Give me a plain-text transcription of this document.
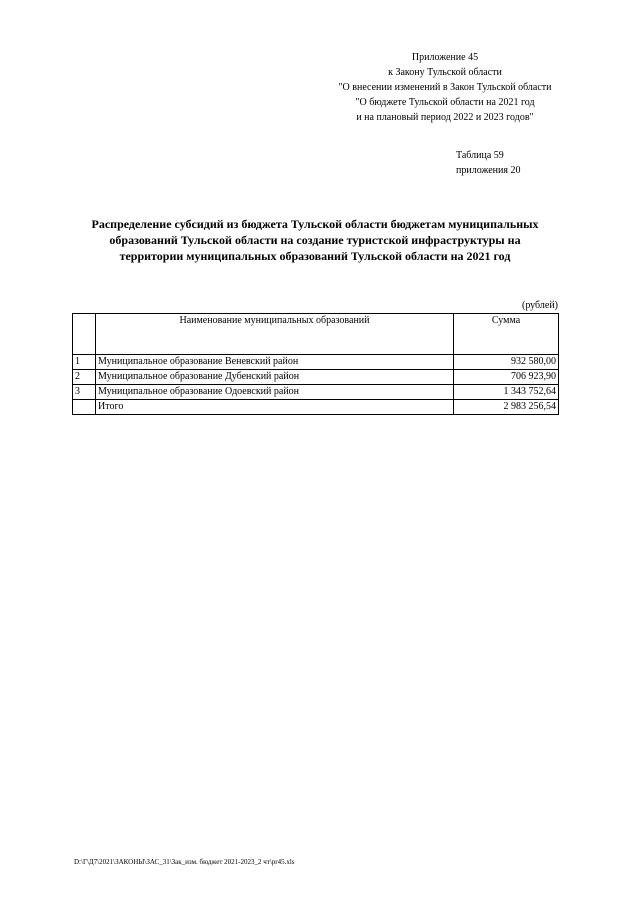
Приложение 45
к Закону Тульской области
"О внесении изменений в Закон Тульской области
"О бюджете Тульской области на 2021 год
и на плановый период 2022 и 2023 годов"
Таблица 59
приложения 20
Распределение субсидий из бюджета Тульской области бюджетам муниципальных
образований Тульской области на создание туристской инфраструктуры на
территории муниципальных образований Тульской области на 2021 год
(рублей)
	Наименование муниципальных образований	Сумма
1	Муниципальное образование Веневский район	932 580,00
2	Муниципальное образование Дубенский район	706 923,90
3	Муниципальное образование Одоевский район	1 343 752,64
	Итого	2 983 256,54
D:\Г\Д7\2021\ЗАКОНЫ\ЗАС_31\Зак_изм. бюджет 2021-2023_2 чт\pr45.xls
